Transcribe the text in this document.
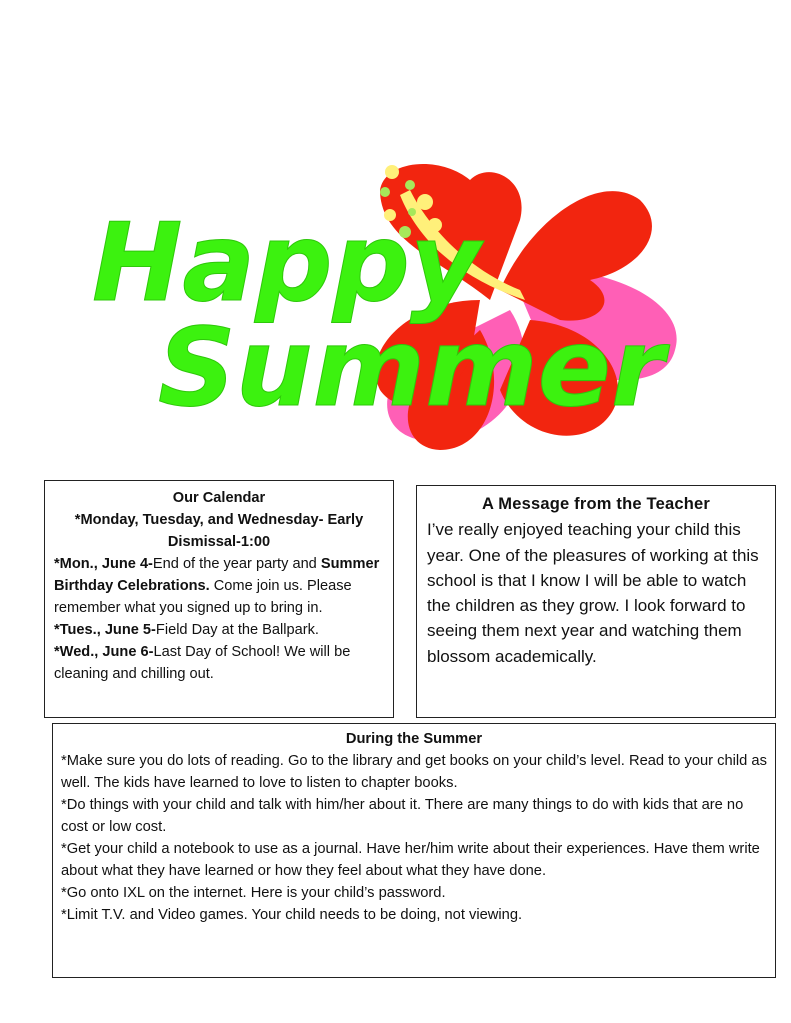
Happy
Summer
Our Calendar
*Monday, Tuesday, and Wednesday- Early Dismissal-1:00
*Mon., June 4-End of the year party and Summer Birthday Celebrations. Come join us. Please remember what you signed up to bring in.
*Tues., June 5-Field Day at the Ballpark.
*Wed., June 6-Last Day of School! We will be cleaning and chilling out.
A Message from the Teacher
I’ve really enjoyed teaching your child this year. One of the pleasures of working at this school is that I know I will be able to watch the children as they grow. I look forward to seeing them next year and watching them blossom academically.
During the Summer
*Make sure you do lots of reading. Go to the library and get books on your child’s level. Read to your child as well. The kids have learned to love to listen to chapter books.
*Do things with your child and talk with him/her about it. There are many things to do with kids that are no cost or low cost.
*Get your child a notebook to use as a journal. Have her/him write about their experiences. Have them write about what they have learned or how they feel about what they have done.
*Go onto IXL on the internet. Here is your child’s password.
*Limit T.V. and Video games. Your child needs to be doing, not viewing.
